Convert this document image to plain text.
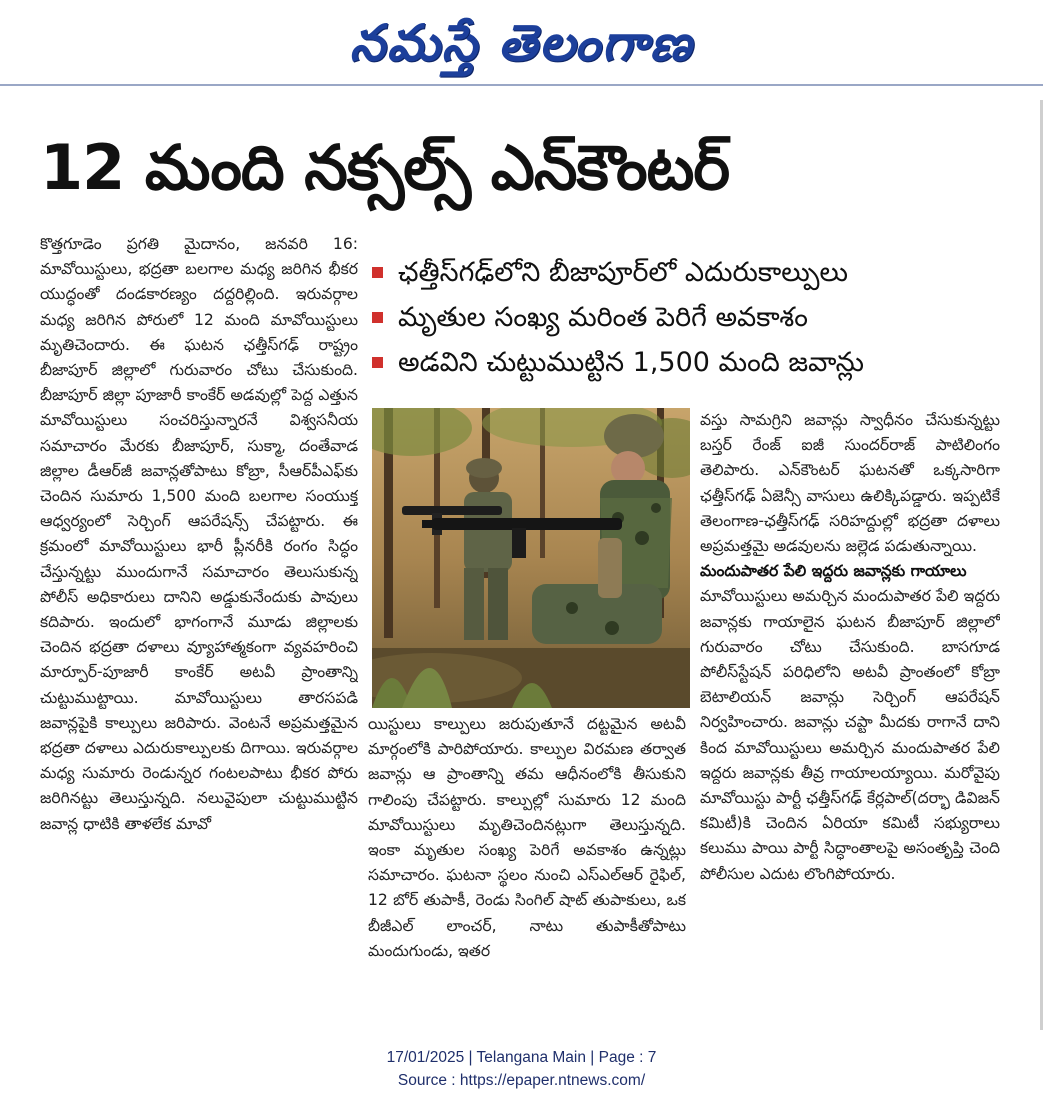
నమస్తే తెలంగాణ
12 మంది నక్సల్స్ ఎన్‌కౌంటర్

కొత్తగూడెం ప్రగతి మైదానం, జనవరి 16: మావోయిస్టులు, భద్రతా బలగాల మధ్య జరిగిన భీకర యుద్ధంతో దండకారణ్యం దద్దరిల్లింది. ఇరువర్గాల మధ్య జరిగిన పోరులో 12 మంది మావోయిస్టులు మృతిచెందారు. ఈ ఘటన ఛత్తీస్‌గఢ్ రాష్ట్రం బీజాపూర్ జిల్లాలో గురువారం చోటు చేసుకుంది. బీజాపూర్ జిల్లా పూజారీ కాంకేర్ అడవుల్లో పెద్ద ఎత్తున మావోయిస్టులు సంచరిస్తున్నారనే విశ్వసనీయ సమాచారం మేరకు బీజాపూర్, సుక్మా, దంతేవాడ జిల్లాల డీఆర్‌జీ జవాన్లతోపాటు కోబ్రా, సీఆర్‌పీఎఫ్‌కు చెందిన సుమారు 1,500 మంది బలగాల సంయుక్త ఆధ్వర్యంలో సెర్చింగ్ ఆపరేషన్స్ చేపట్టారు. ఈ క్రమంలో మావోయిస్టులు భారీ ప్లీనరీకి రంగం సిద్ధం చేస్తున్నట్టు ముందుగానే సమాచారం తెలుసుకున్న పోలీస్ అధికారులు దానిని అడ్డుకునేందుకు పావులు కదిపారు. ఇందులో భాగంగానే మూడు జిల్లాలకు చెందిన భద్రతా దళాలు వ్యూహాత్మకంగా వ్యవహరించి మార్పూర్-పూజారీ కాంకేర్ అటవీ ప్రాంతాన్ని చుట్టుముట్టాయి. మావోయిస్టులు తారసపడి జవాన్లపైకి కాల్పులు జరిపారు. వెంటనే అప్రమత్తమైన భద్రతా దళాలు ఎదురుకాల్పులకు దిగాయి. ఇరువర్గాల మధ్య సుమారు రెండున్నర గంటలపాటు భీకర పోరు జరిగినట్టు తెలుస్తున్నది. నలువైపులా చుట్టుముట్టిన జవాన్ల ధాటికి తాళలేక మావో

ఛత్తీస్‌గఢ్‌లోని బీజాపూర్‌లో ఎదురుకాల్పులు
మృతుల సంఖ్య మరింత పెరిగే అవకాశం
అడవిని చుట్టుముట్టిన 1,500 మంది జవాన్లు

యిస్టులు కాల్పులు జరుపుతూనే దట్టమైన అటవీ మార్గంలోకి పారిపోయారు. కాల్పుల విరమణ తర్వాత జవాన్లు ఆ ప్రాంతాన్ని తమ ఆధీనంలోకి తీసుకుని గాలింపు చేపట్టారు. కాల్పుల్లో సుమారు 12 మంది మావోయిస్టులు మృతిచెందినట్లుగా తెలుస్తున్నది. ఇంకా మృతుల సంఖ్య పెరిగే అవకాశం ఉన్నట్లు సమాచారం. ఘటనా స్థలం నుంచి ఎస్ఎల్ఆర్ రైఫిల్, 12 బోర్ తుపాకీ, రెండు సింగిల్ షాట్ తుపాకులు, ఒక బీజీఎల్ లాంచర్, నాటు తుపాకీతోపాటు మందుగుండు, ఇతర

వస్తు సామగ్రిని జవాన్లు స్వాధీనం చేసుకున్నట్టు బస్తర్ రేంజ్ ఐజీ సుందర్‌రాజ్ పాటిలింగం తెలిపారు. ఎన్‌కౌంటర్ ఘటనతో ఒక్కసారిగా ఛత్తీస్‌గఢ్ ఏజెన్సీ వాసులు ఉలిక్కిపడ్డారు. ఇప్పటికే తెలంగాణ-ఛత్తీస్‌గఢ్ సరిహద్దుల్లో భద్రతా దళాలు అప్రమత్తమై అడవులను జల్లెడ పడుతున్నాయి.

మందుపాతర పేలి ఇద్దరు జవాన్లకు గాయాలు

మావోయిస్టులు అమర్చిన మందుపాతర పేలి ఇద్దరు జవాన్లకు గాయాలైన ఘటన బీజాపూర్ జిల్లాలో గురువారం చోటు చేసుకుంది. బాసగూడ పోలీస్‌స్టేషన్ పరిధిలోని అటవీ ప్రాంతంలో కోబ్రా బెటాలియన్ జవాన్లు సెర్చింగ్ ఆపరేషన్ నిర్వహించారు. జవాన్లు చప్టా మీదకు రాగానే దాని కింద మావోయిస్టులు అమర్చిన మందుపాతర పేలి ఇద్దరు జవాన్లకు తీవ్ర గాయాలయ్యాయి. మరోవైపు మావోయిస్టు పార్టీ ఛత్తీస్‌గఢ్ కేర్లపాల్(దర్భా డివిజన్ కమిటీ)కి చెందిన ఏరియా కమిటీ సభ్యురాలు కలుము పాయి పార్టీ సిద్ధాంతాలపై అసంతృప్తి చెంది పోలీసుల ఎదుట లొంగిపోయారు.

17/01/2025 | Telangana Main | Page : 7
Source : https://epaper.ntnews.com/
